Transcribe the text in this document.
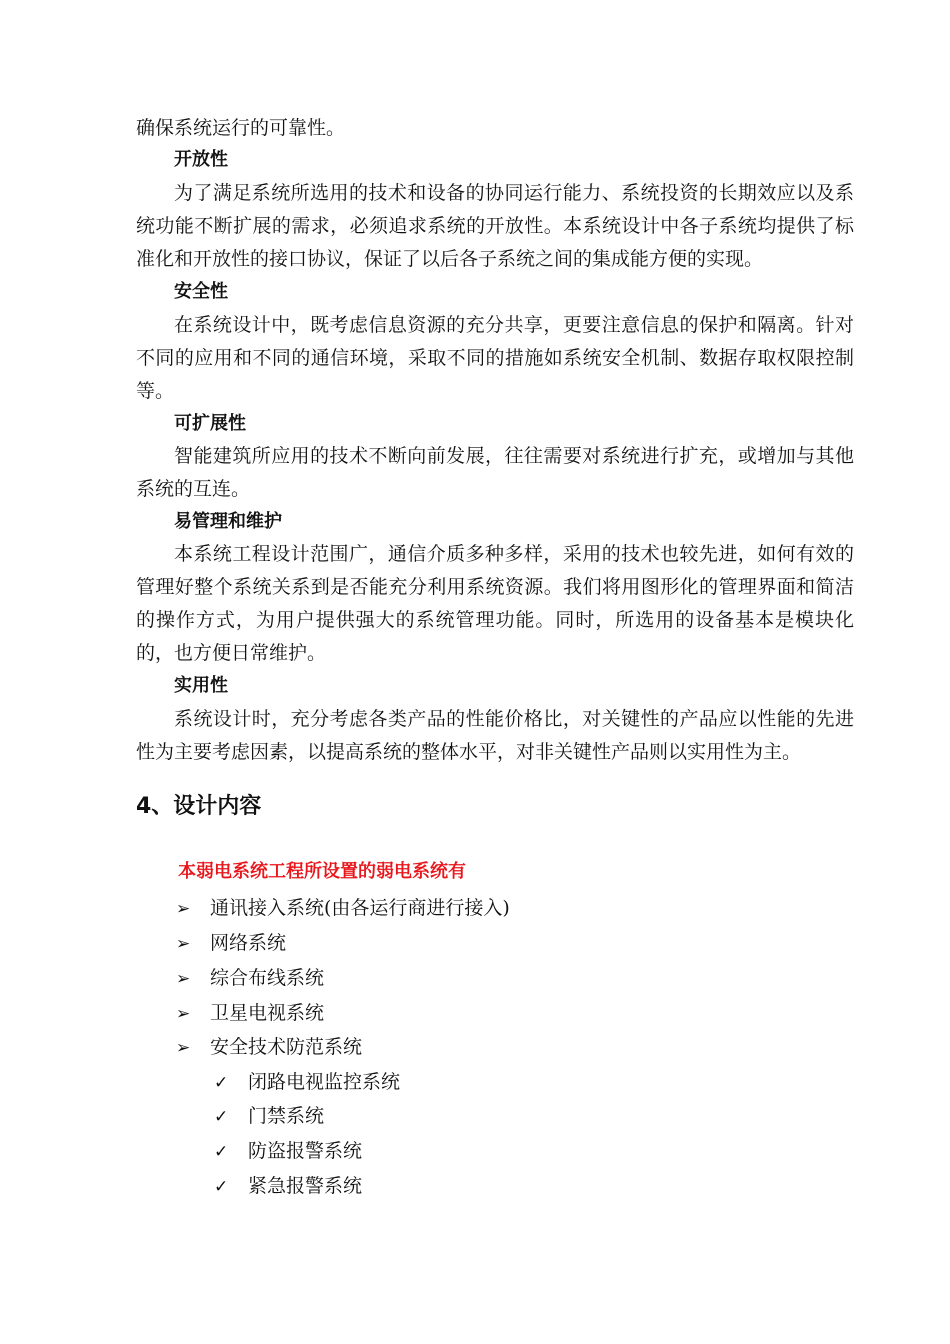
确保系统运行的可靠性。
开放性
为了满足系统所选用的技术和设备的协同运行能力、系统投资的长期效应以及系统功能不断扩展的需求，必须追求系统的开放性。本系统设计中各子系统均提供了标准化和开放性的接口协议，保证了以后各子系统之间的集成能方便的实现。
安全性
在系统设计中，既考虑信息资源的充分共享，更要注意信息的保护和隔离。针对不同的应用和不同的通信环境，采取不同的措施如系统安全机制、数据存取权限控制等。
可扩展性
智能建筑所应用的技术不断向前发展，往往需要对系统进行扩充，或增加与其他系统的互连。
易管理和维护
本系统工程设计范围广，通信介质多种多样，采用的技术也较先进，如何有效的管理好整个系统关系到是否能充分利用系统资源。我们将用图形化的管理界面和简洁的操作方式，为用户提供强大的系统管理功能。同时，所选用的设备基本是模块化的，也方便日常维护。
实用性
系统设计时，充分考虑各类产品的性能价格比，对关键性的产品应以性能的先进性为主要考虑因素，以提高系统的整体水平，对非关键性产品则以实用性为主。
4、设计内容
本弱电系统工程所设置的弱电系统有
➢ 通讯接入系统(由各运行商进行接入)
➢ 网络系统
➢ 综合布线系统
➢ 卫星电视系统
➢ 安全技术防范系统
✓ 闭路电视监控系统
✓ 门禁系统
✓ 防盗报警系统
✓ 紧急报警系统
